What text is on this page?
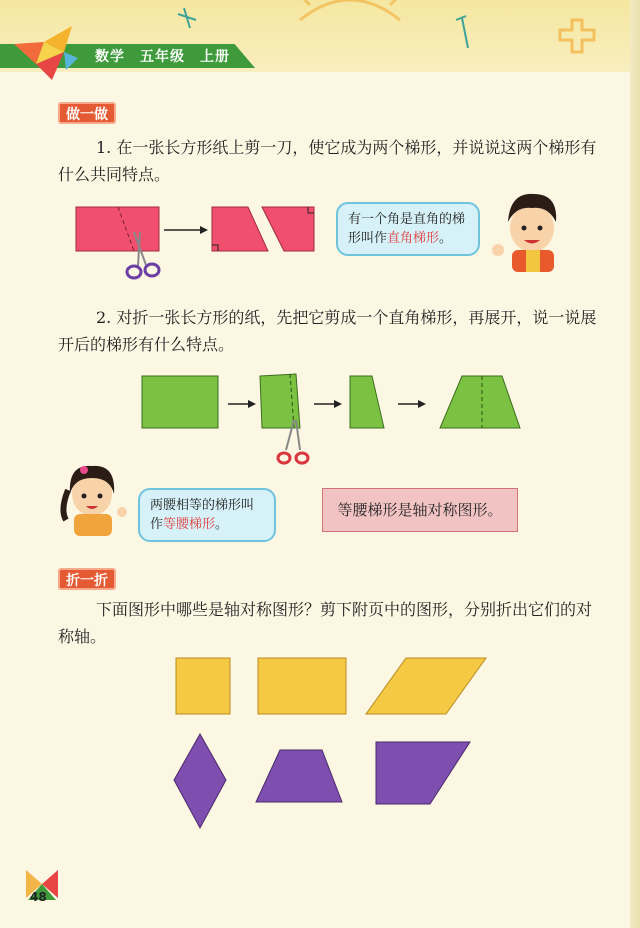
数学　五年级　上册
做一做
1. 在一张长方形纸上剪一刀，使它成为两个梯形，并说说这两个梯形有什么共同特点。
有一个角是直角的梯形叫作直角梯形。
2. 对折一张长方形的纸，先把它剪成一个直角梯形，再展开，说一说展开后的梯形有什么特点。
两腰相等的梯形叫作等腰梯形。
等腰梯形是轴对称图形。
折一折
下面图形中哪些是轴对称图形？剪下附页中的图形，分别折出它们的对称轴。
48
